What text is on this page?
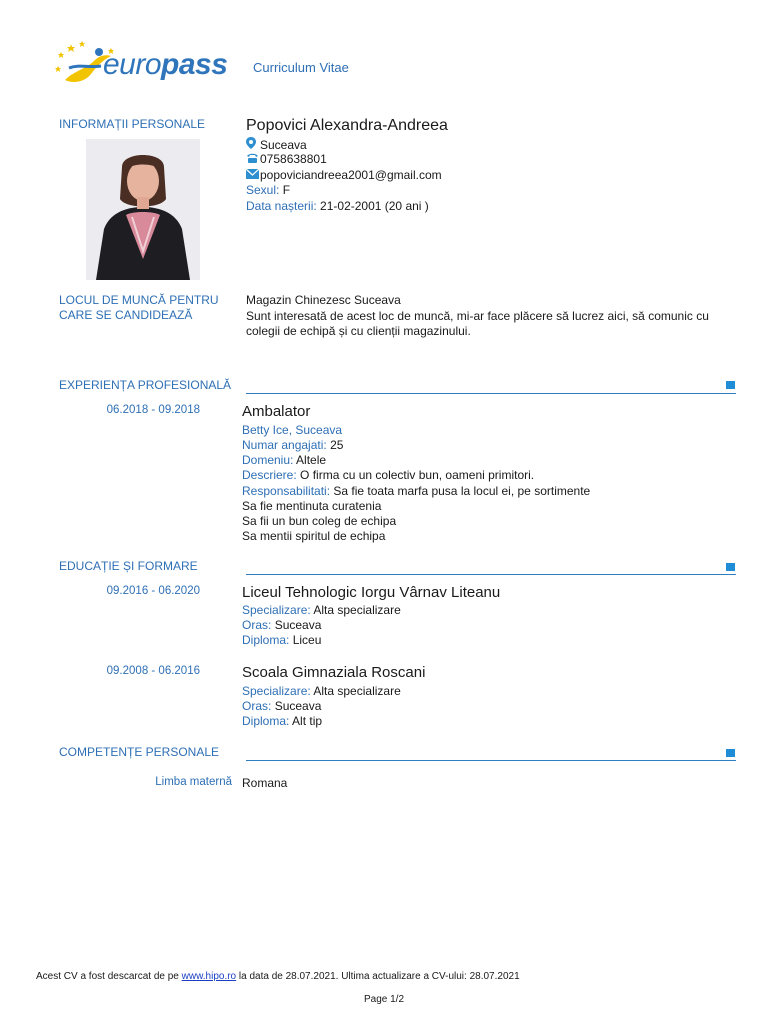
europass Curriculum Vitae
INFORMAȚII PERSONALE	Popovici Alexandra-Andreea
Suceava
0758638801
popoviciandreea2001@gmail.com
Sexul: F
Data nașterii: 21-02-2001 (20 ani )
LOCUL DE MUNCĂ PENTRU
CARE SE CANDIDEAZĂ
Magazin Chinezesc Suceava
Sunt interesată de acest loc de muncă, mi-ar face plăcere să lucrez aici, să comunic cu
colegii de echipă și cu clienții magazinului.
EXPERIENȚA PROFESIONALĂ
06.2018 - 09.2018	Ambalator
Betty Ice, Suceava
Numar angajati: 25
Domeniu: Altele
Descriere: O firma cu un colectiv bun, oameni primitori.
Responsabilitati: Sa fie toata marfa pusa la locul ei, pe sortimente
Sa fie mentinuta curatenia
Sa fii un bun coleg de echipa
Sa mentii spiritul de echipa
EDUCAȚIE ȘI FORMARE
09.2016 - 06.2020	Liceul Tehnologic Iorgu Vârnav Liteanu
Specializare: Alta specializare
Oras: Suceava
Diploma: Liceu
09.2008 - 06.2016	Scoala Gimnaziala Roscani
Specializare: Alta specializare
Oras: Suceava
Diploma: Alt tip
COMPETENȚE PERSONALE
Limba maternă Romana
Acest CV a fost descarcat de pe www.hipo.ro la data de 28.07.2021. Ultima actualizare a CV-ului: 28.07.2021
Page 1/2
